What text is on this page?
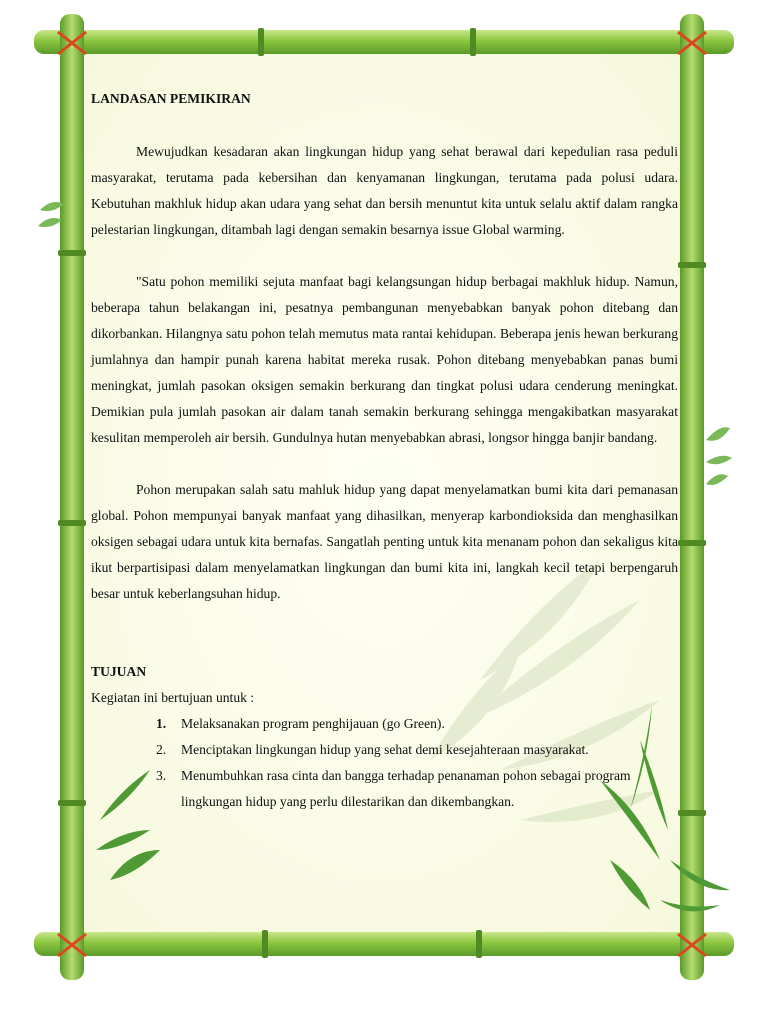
LANDASAN PEMIKIRAN

Mewujudkan kesadaran akan lingkungan hidup yang sehat berawal dari kepedulian rasa peduli masyarakat, terutama pada kebersihan dan kenyamanan lingkungan, terutama pada polusi udara. Kebutuhan makhluk hidup akan udara yang sehat dan bersih menuntut kita untuk selalu aktif dalam rangka pelestarian lingkungan, ditambah lagi dengan semakin besarnya issue Global warming.

"Satu pohon memiliki sejuta manfaat bagi kelangsungan hidup berbagai makhluk hidup. Namun, beberapa tahun belakangan ini, pesatnya pembangunan menyebabkan banyak pohon ditebang dan dikorbankan. Hilangnya satu pohon telah memutus mata rantai kehidupan. Beberapa jenis hewan berkurang jumlahnya dan hampir punah karena habitat mereka rusak. Pohon ditebang menyebabkan panas bumi meningkat, jumlah pasokan oksigen semakin berkurang dan tingkat polusi udara cenderung meningkat. Demikian pula jumlah pasokan air dalam tanah semakin berkurang sehingga mengakibatkan masyarakat kesulitan memperoleh air bersih. Gundulnya hutan menyebabkan abrasi, longsor hingga banjir bandang.

Pohon merupakan salah satu mahluk hidup yang dapat menyelamatkan bumi kita dari pemanasan global. Pohon mempunyai banyak manfaat yang dihasilkan, menyerap karbondioksida dan menghasilkan oksigen sebagai udara untuk kita bernafas. Sangatlah penting untuk kita menanam pohon dan sekaligus kita ikut berpartisipasi dalam menyelamatkan lingkungan dan bumi kita ini, langkah kecil tetapi berpengaruh besar untuk keberlangsuhan hidup.

TUJUAN

Kegiatan ini bertujuan untuk :

1. Melaksanakan program penghijauan (go Green).
2. Menciptakan lingkungan hidup yang sehat demi kesejahteraan masyarakat.
3. Menumbuhkan rasa cinta dan bangga terhadap penanaman pohon sebagai program lingkungan hidup yang perlu dilestarikan dan dikembangkan.
